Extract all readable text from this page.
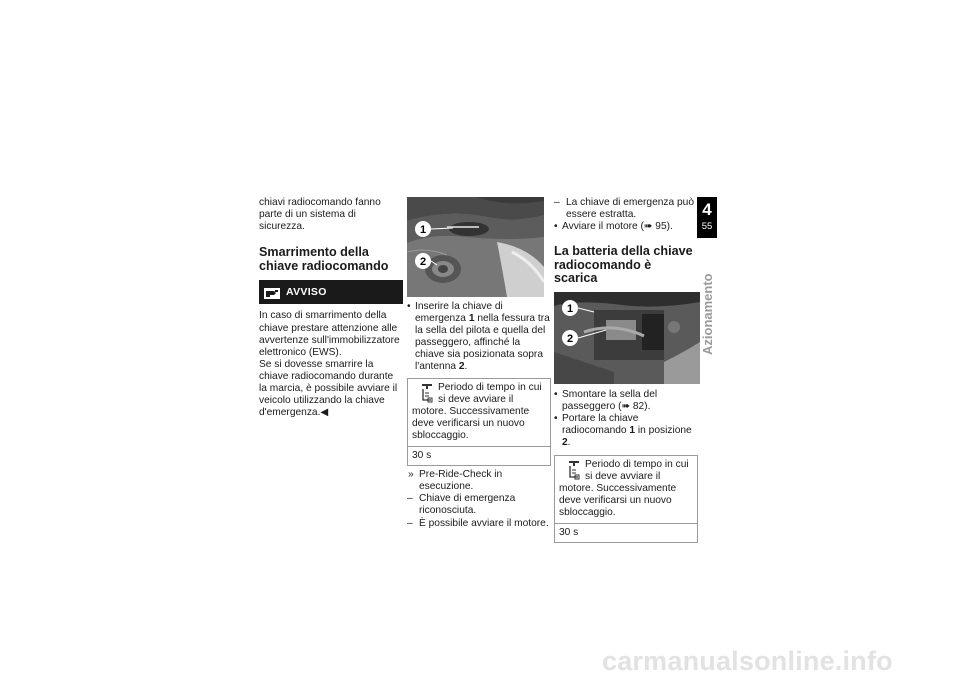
chiavi radiocomando fanno parte di un sistema di sicurezza.

Smarrimento della chiave radiocomando
AVVISO

In caso di smarrimento della chiave prestare attenzione alle avvertenze sull'immobilizzatore elettronico (EWS).

Se si dovesse smarrire la chiave radiocomando durante la marcia, è possibile avviare il veicolo utilizzando la chiave d'emergenza.◀

1
2
• Inserire la chiave di emergenza 1 nella fessura tra la sella del pilota e quella del passeggero, affinché la chiave sia posizionata sopra l'antenna 2.
Periodo di tempo in cui si deve avviare il motore. Successivamente deve verificarsi un nuovo sbloccaggio.
30 s
» Pre-Ride-Check in esecuzione.
– Chiave di emergenza riconosciuta.
– È possibile avviare il motore.
– La chiave di emergenza può essere estratta.
• Avviare il motore (➠ 95).
La batteria della chiave radiocomando è scarica
1
2
• Smontare la sella del passeggero (➠ 82).
• Portare la chiave radiocomando 1 in posizione 2.
Periodo di tempo in cui si deve avviare il motore. Successivamente deve verificarsi un nuovo sbloccaggio.
30 s
4
55
Azionamento
carmanualsonline.info
